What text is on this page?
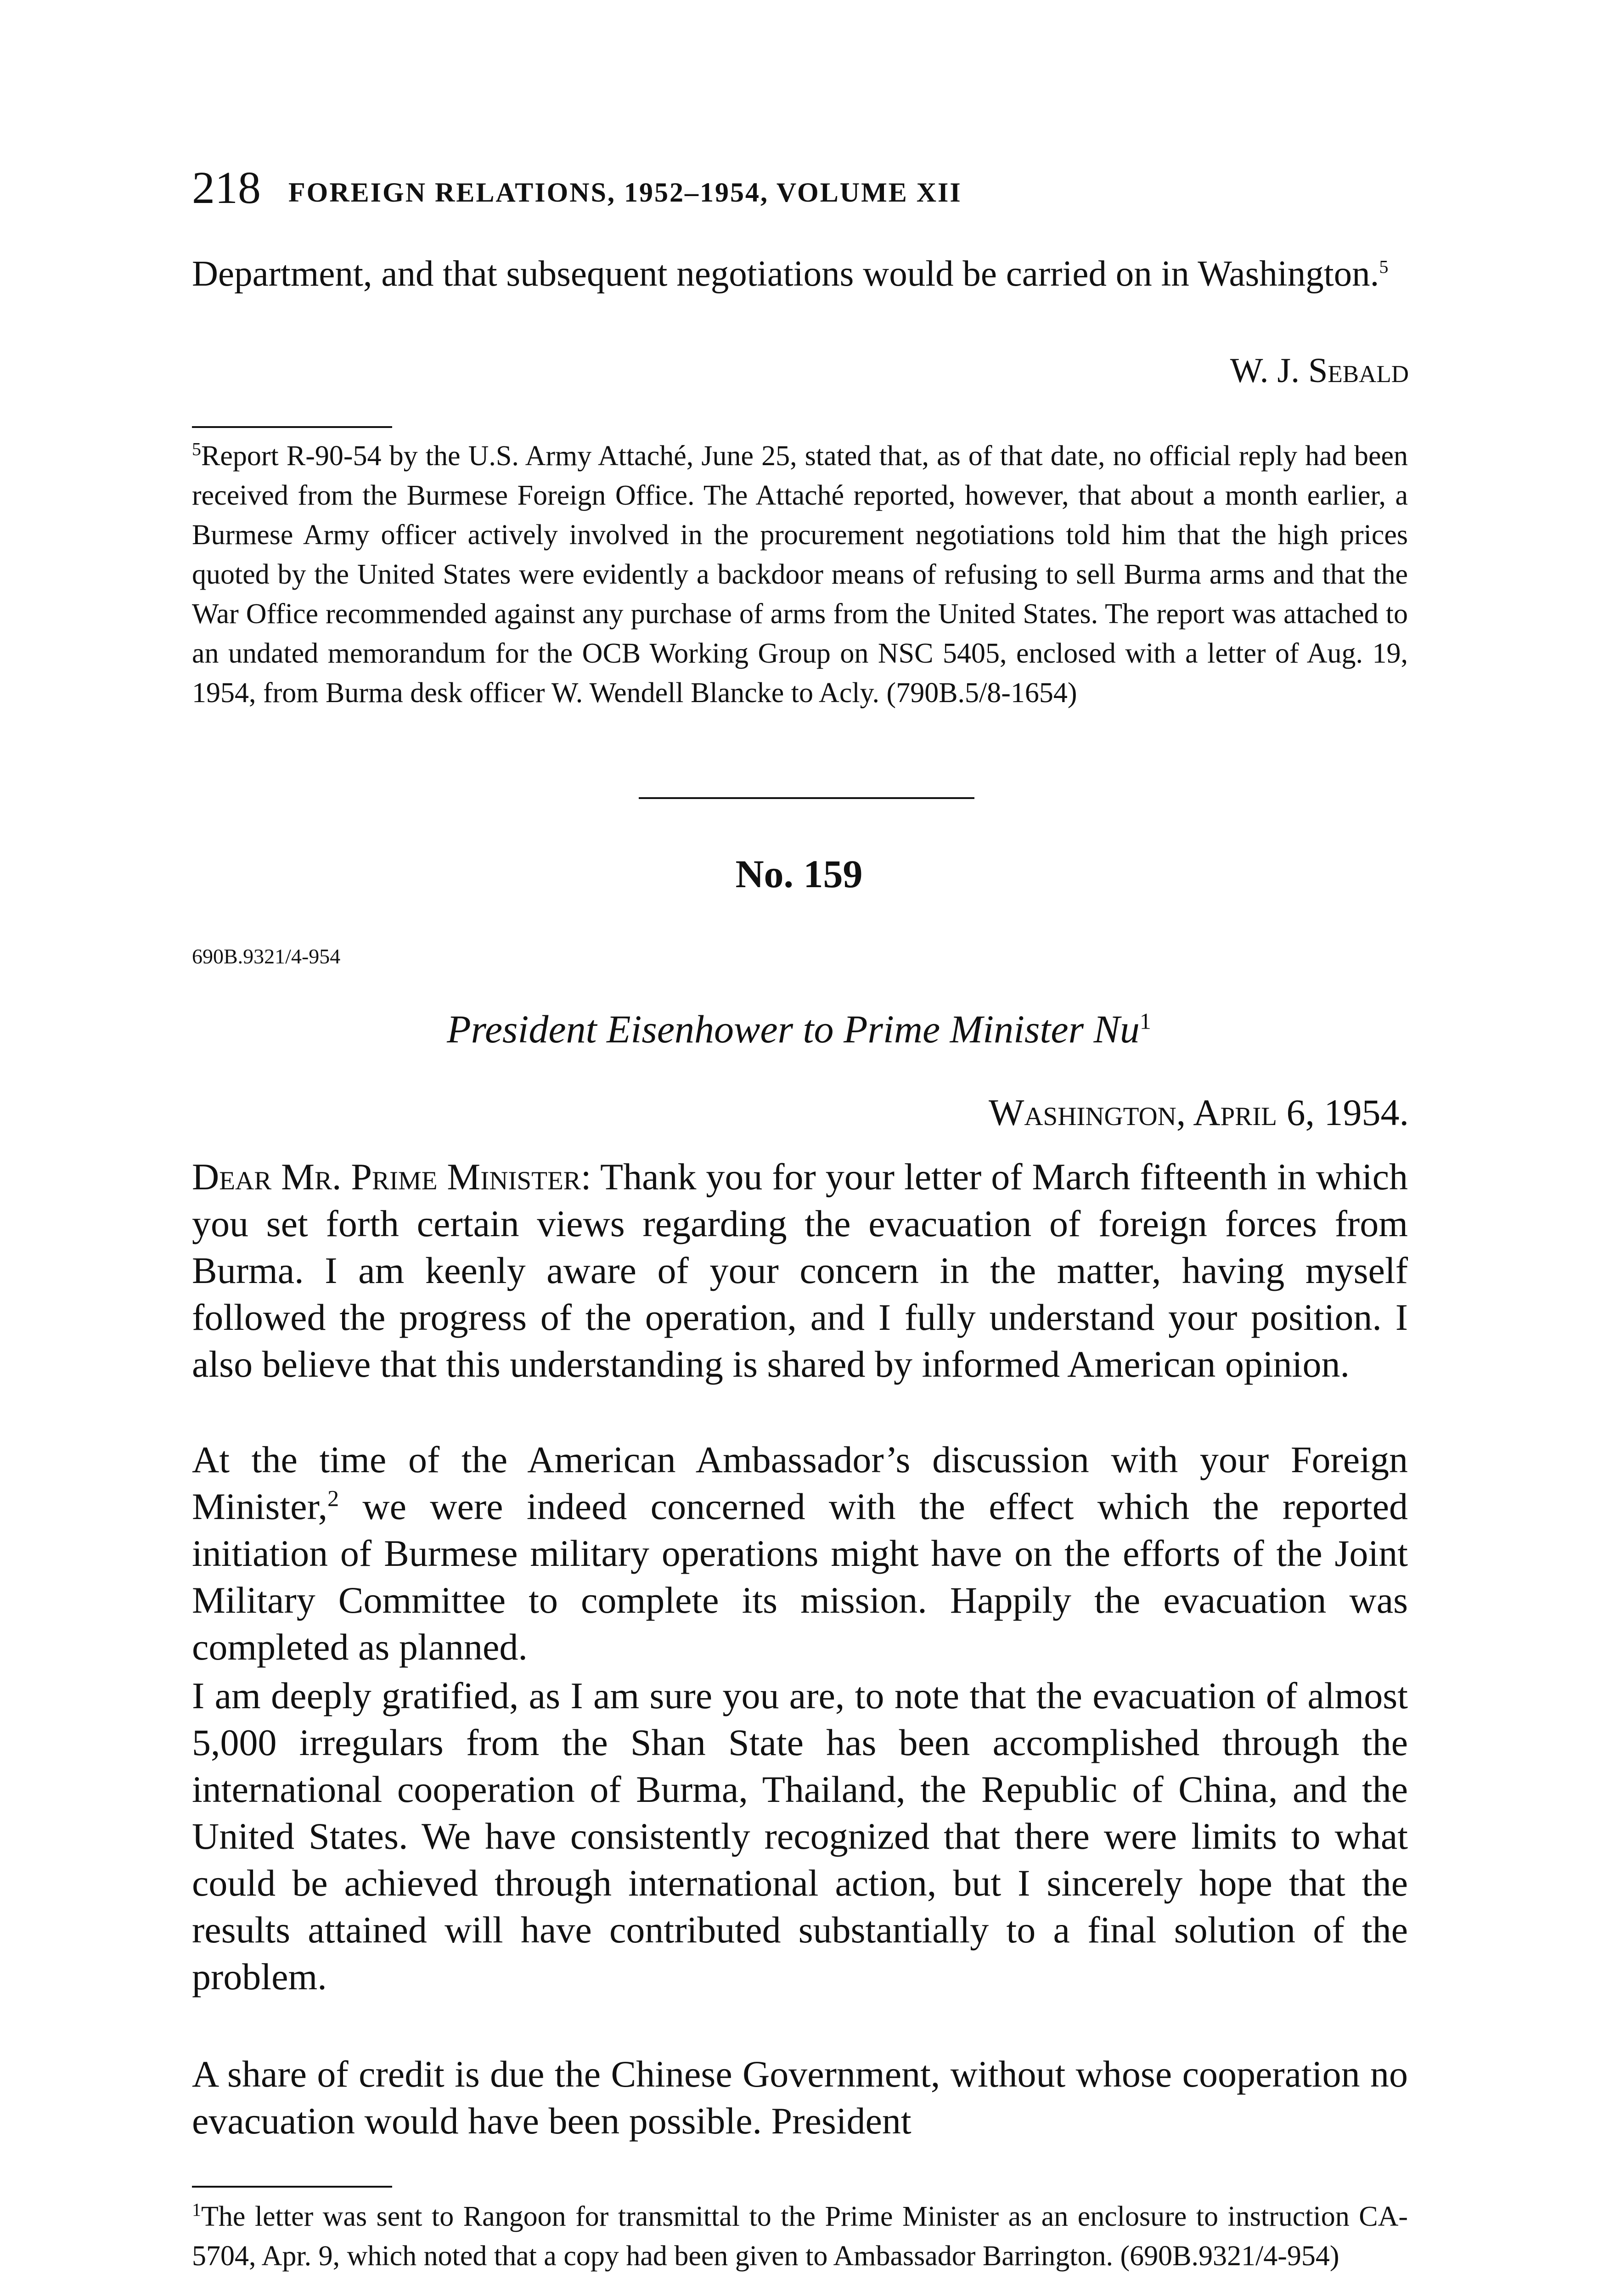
218 FOREIGN RELATIONS, 1952–1954, VOLUME XII
Department, and that subsequent negotiations would be carried on in Washington.$^5$
W. J. Sebald
$^5$Report R-90-54 by the U.S. Army Attaché, June 25, stated that, as of that date, no official reply had been received from the Burmese Foreign Office. The Attaché reported, however, that about a month earlier, a Burmese Army officer actively involved in the procurement negotiations told him that the high prices quoted by the United States were evidently a backdoor means of refusing to sell Burma arms and that the War Office recommended against any purchase of arms from the United States. The report was attached to an undated memorandum for the OCB Working Group on NSC 5405, enclosed with a letter of Aug. 19, 1954, from Burma desk officer W. Wendell Blancke to Acly. (790B.5/8-1654)
No. 159
690B.9321/4-954
President Eisenhower to Prime Minister Nu$^1$
Washington, April 6, 1954.
Dear Mr. Prime Minister: Thank you for your letter of March fifteenth in which you set forth certain views regarding the evacuation of foreign forces from Burma. I am keenly aware of your concern in the matter, having myself followed the progress of the operation, and I fully understand your position. I also believe that this understanding is shared by informed American opinion.
At the time of the American Ambassador’s discussion with your Foreign Minister,$^2$ we were indeed concerned with the effect which the reported initiation of Burmese military operations might have on the efforts of the Joint Military Committee to complete its mission. Happily the evacuation was completed as planned.
I am deeply gratified, as I am sure you are, to note that the evacuation of almost 5,000 irregulars from the Shan State has been accomplished through the international cooperation of Burma, Thailand, the Republic of China, and the United States. We have consistently recognized that there were limits to what could be achieved through international action, but I sincerely hope that the results attained will have contributed substantially to a final solution of the problem.
A share of credit is due the Chinese Government, without whose cooperation no evacuation would have been possible. President
$^1$The letter was sent to Rangoon for transmittal to the Prime Minister as an enclosure to instruction CA-5704, Apr. 9, which noted that a copy had been given to Ambassador Barrington. (690B.9321/4-954)
